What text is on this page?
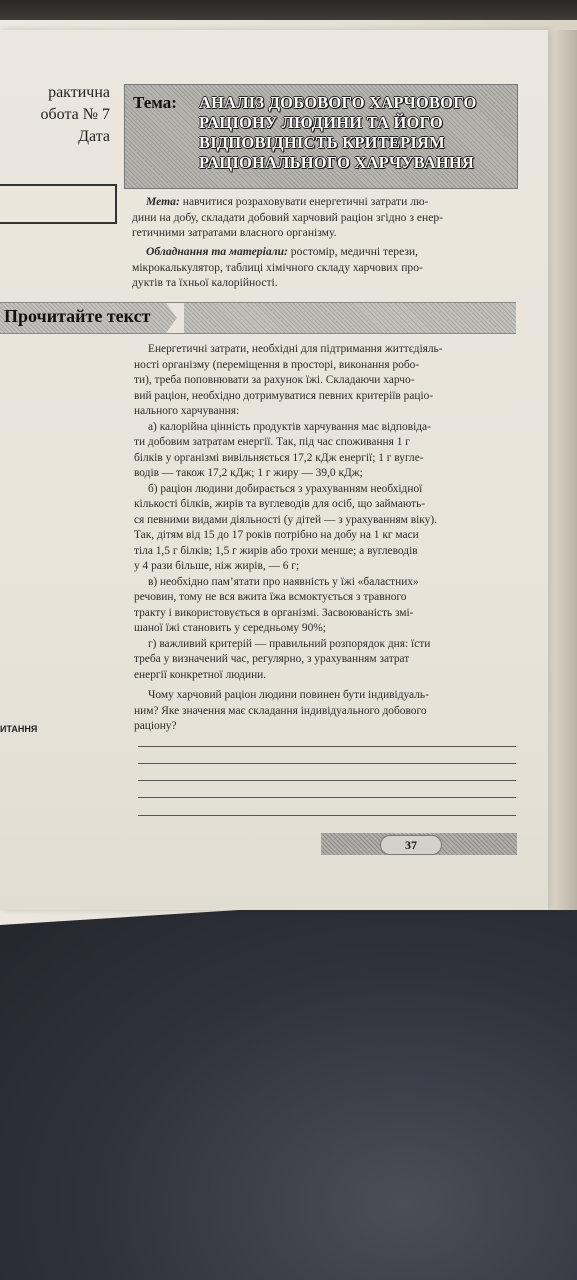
рактична
обота № 7
Дата
ИТАННЯ
Тема: АНАЛІЗ ДОБОВОГО ХАРЧОВОГО
РАЦІОНУ ЛЮДИНИ ТА ЙОГО
ВІДПОВІДНІСТЬ КРИТЕРІЯМ
РАЦІОНАЛЬНОГО ХАРЧУВАННЯ
Мета: навчитися розраховувати енергетичні затрати лю-
дини на добу, складати добовий харчовий раціон згідно з енер-
гетичними затратами власного організму.
Обладнання та матеріали: ростомір, медичні терези,
мікрокалькулятор, таблиці хімічного складу харчових про-
дуктів та їхньої калорійності.
Прочитайте текст
Енергетичні затрати, необхідні для підтримання життєдіяль-
ності організму (переміщення в просторі, виконання робо-
ти), треба поповнювати за рахунок їжі. Складаючи харчо-
вий раціон, необхідно дотримуватися певних критеріїв раціо-
нального харчування:
а) калорійна цінність продуктів харчування має відповіда-
ти добовим затратам енергії. Так, під час споживання 1 г
білків у організмі вивільняється 17,2 кДж енергії; 1 г вугле-
водів — також 17,2 кДж; 1 г жиру — 39,0 кДж;
б) раціон людини добирається з урахуванням необхідної
кількості білків, жирів та вуглеводів для осіб, що займають-
ся певними видами діяльності (у дітей — з урахуванням віку).
Так, дітям від 15 до 17 років потрібно на добу на 1 кг маси
тіла 1,5 г білків; 1,5 г жирів або трохи менше; а вуглеводів
у 4 рази більше, ніж жирів, — 6 г;
в) необхідно пам’ятати про наявність у їжі «баластних»
речовин, тому не вся вжита їжа всмоктується з травного
тракту і використовується в організмі. Засвоюваність змі-
шаної їжі становить у середньому 90%;
г) важливий критерій — правильний розпорядок дня: їсти
треба у визначений час, регулярно, з урахуванням затрат
енергії конкретної людини.
Чому харчовий раціон людини повинен бути індивідуаль-
ним? Яке значення має складання індивідуального добового
раціону?
37
